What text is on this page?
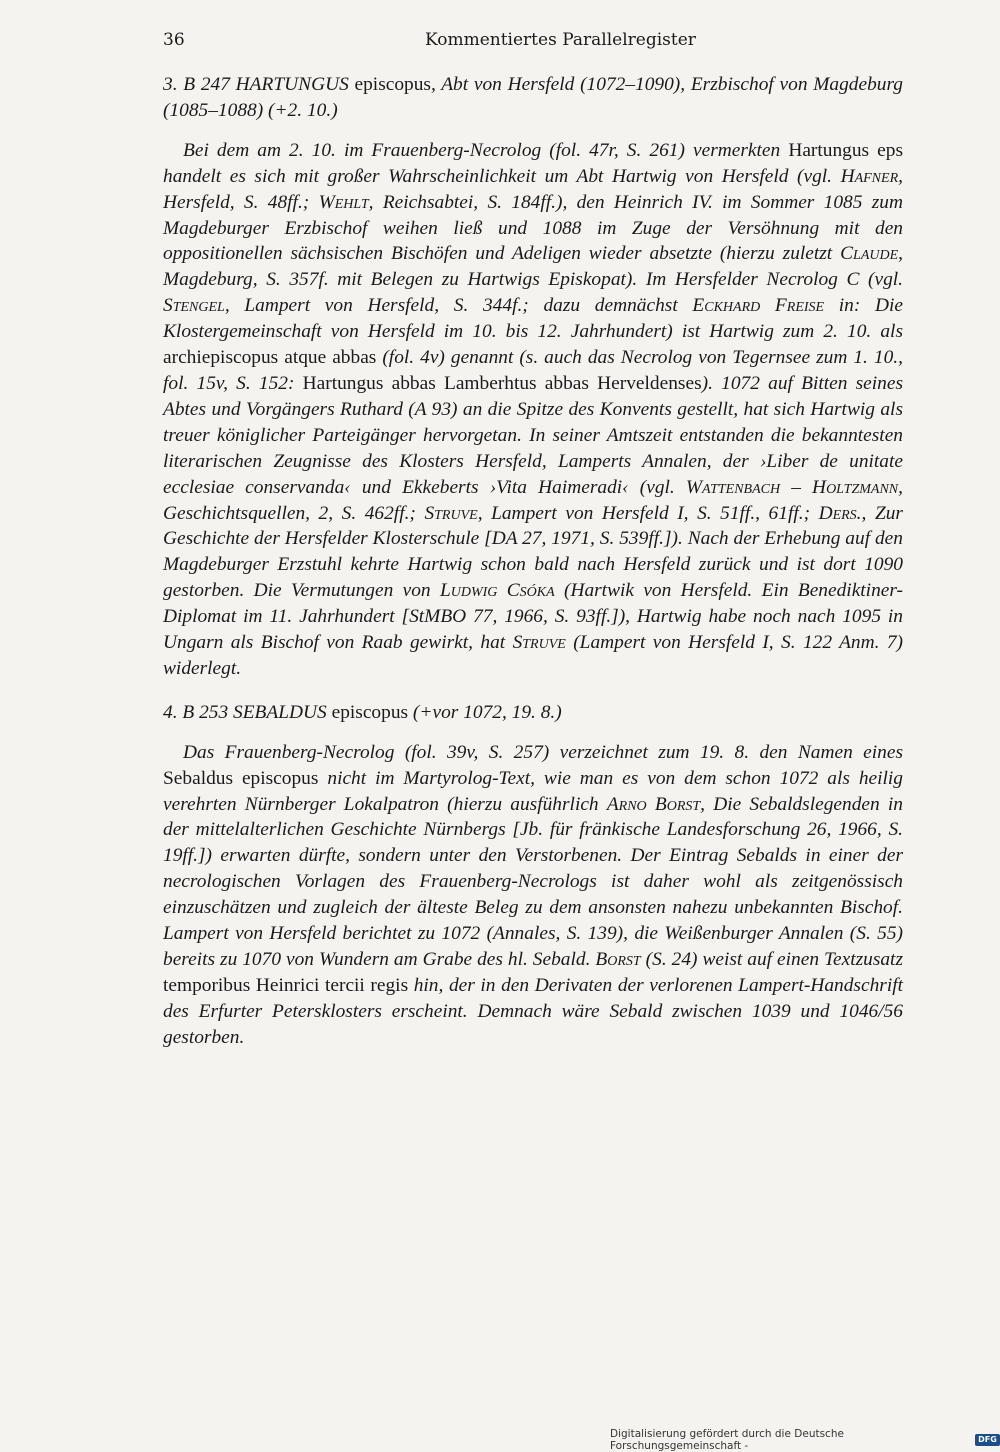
36	Kommentiertes Parallelregister

3. B 247 HARTUNGUS episcopus, Abt von Hersfeld (1072–1090), Erzbischof von Magdeburg (1085–1088) (+2. 10.)

Bei dem am 2. 10. im Frauenberg-Necrolog (fol. 47r, S. 261) vermerkten Hartungus eps handelt es sich mit großer Wahrscheinlichkeit um Abt Hartwig von Hersfeld (vgl. Hafner, Hersfeld, S. 48ff.; Wehlt, Reichsabtei, S. 184ff.), den Heinrich IV. im Sommer 1085 zum Magdeburger Erzbischof weihen ließ und 1088 im Zuge der Versöhnung mit den oppositionellen sächsischen Bischöfen und Adeligen wieder absetzte (hierzu zuletzt Claude, Magdeburg, S. 357f. mit Belegen zu Hartwigs Episkopat). Im Hersfelder Necrolog C (vgl. Stengel, Lampert von Hersfeld, S. 344f.; dazu demnächst Eckhard Freise in: Die Klostergemeinschaft von Hersfeld im 10. bis 12. Jahrhundert) ist Hartwig zum 2. 10. als archiepiscopus atque abbas (fol. 4v) genannt (s. auch das Necrolog von Tegernsee zum 1. 10., fol. 15v, S. 152: Hartungus abbas Lamberhtus abbas Herveldenses). 1072 auf Bitten seines Abtes und Vorgängers Ruthard (A 93) an die Spitze des Konvents gestellt, hat sich Hartwig als treuer königlicher Parteigänger hervorgetan. In seiner Amtszeit entstanden die bekanntesten literarischen Zeugnisse des Klosters Hersfeld, Lamperts Annalen, der ›Liber de unitate ecclesiae conservanda‹ und Ekkeberts ›Vita Haimeradi‹ (vgl. Wattenbach – Holtzmann, Geschichtsquellen, 2, S. 462ff.; Struve, Lampert von Hersfeld I, S. 51ff., 61ff.; Ders., Zur Geschichte der Hersfelder Klosterschule [DA 27, 1971, S. 539ff.]). Nach der Erhebung auf den Magdeburger Erzstuhl kehrte Hartwig schon bald nach Hersfeld zurück und ist dort 1090 gestorben. Die Vermutungen von Ludwig Csóka (Hartwik von Hersfeld. Ein Benediktiner-Diplomat im 11. Jahrhundert [StMBO 77, 1966, S. 93ff.]), Hartwig habe noch nach 1095 in Ungarn als Bischof von Raab gewirkt, hat Struve (Lampert von Hersfeld I, S. 122 Anm. 7) widerlegt.

4. B 253 SEBALDUS episcopus (+vor 1072, 19. 8.)

Das Frauenberg-Necrolog (fol. 39v, S. 257) verzeichnet zum 19. 8. den Namen eines Sebaldus episcopus nicht im Martyrolog-Text, wie man es von dem schon 1072 als heilig verehrten Nürnberger Lokalpatron (hierzu ausführlich Arno Borst, Die Sebaldslegenden in der mittelalterlichen Geschichte Nürnbergs [Jb. für fränkische Landesforschung 26, 1966, S. 19ff.]) erwarten dürfte, sondern unter den Verstorbenen. Der Eintrag Sebalds in einer der necrologischen Vorlagen des Frauenberg-Necrologs ist daher wohl als zeitgenössisch einzuschätzen und zugleich der älteste Beleg zu dem ansonsten nahezu unbekannten Bischof. Lampert von Hersfeld berichtet zu 1072 (Annales, S. 139), die Weißenburger Annalen (S. 55) bereits zu 1070 von Wundern am Grabe des hl. Sebald. Borst (S. 24) weist auf einen Textzusatz temporibus Heinrici tercii regis hin, der in den Derivaten der verlorenen Lampert-Handschrift des Erfurter Petersklosters erscheint. Demnach wäre Sebald zwischen 1039 und 1046/56 gestorben.

Digitalisierung gefördert durch die Deutsche Forschungsgemeinschaft -
DFG
